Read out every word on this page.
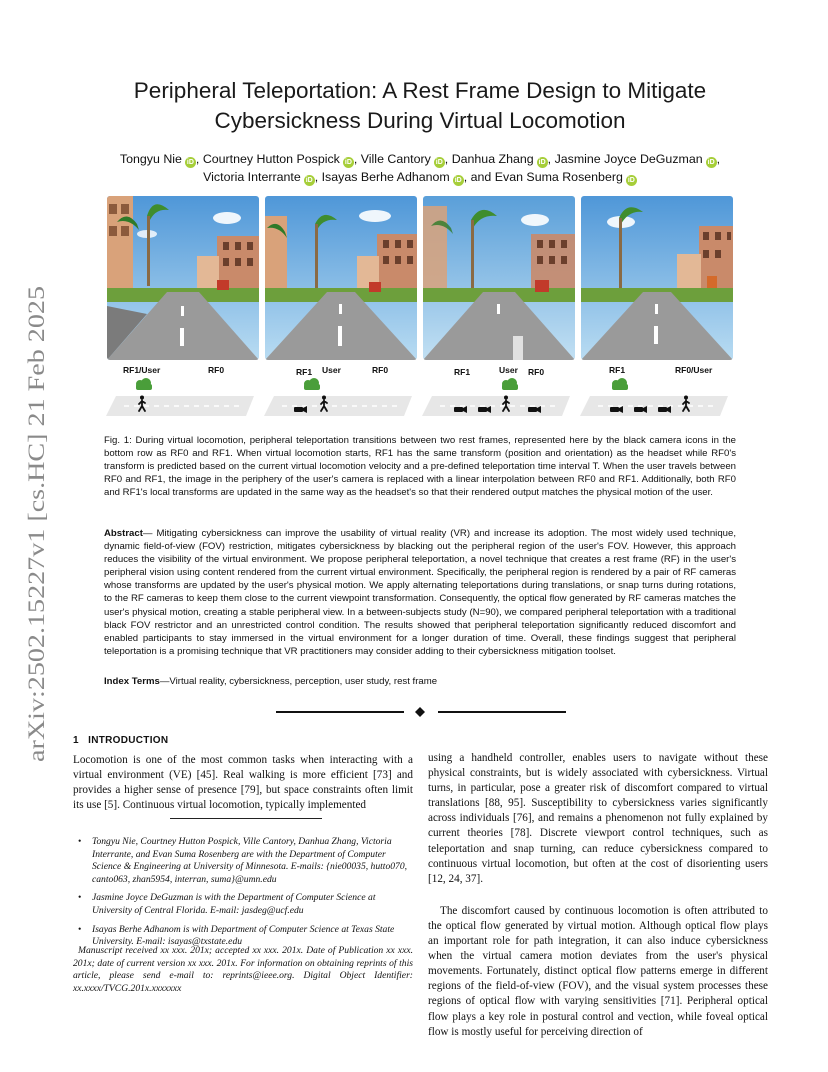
arXiv:2502.15227v1 [cs.HC] 21 Feb 2025
Peripheral Teleportation: A Rest Frame Design to Mitigate
Cybersickness During Virtual Locomotion
Tongyu Nie iD , Courtney Hutton Pospick iD , Ville Cantory iD , Danhua Zhang iD , Jasmine Joyce DeGuzman iD ,
Victoria Interrante iD , Isayas Berhe Adhanom iD , and Evan Suma Rosenberg iD
RF1/User	RF0	RF1 User	RF0	RF1	User RF0	RF1	RF0/User
Fig. 1: During virtual locomotion, peripheral teleportation transitions between two rest frames, represented here by the black camera icons in the bottom row as RF0 and RF1. When virtual locomotion starts, RF1 has the same transform (position and orientation) as the headset while RF0's transform is predicted based on the current virtual locomotion velocity and a pre-defined teleportation time interval T. When the user travels between RF0 and RF1, the image in the periphery of the user's camera is replaced with a linear interpolation between RF0 and RF1. Additionally, both RF0 and RF1's local transforms are updated in the same way as the headset's so that their rendered output matches the physical motion of the user.
Abstract— Mitigating cybersickness can improve the usability of virtual reality (VR) and increase its adoption. The most widely used technique, dynamic field-of-view (FOV) restriction, mitigates cybersickness by blacking out the peripheral region of the user's FOV. However, this approach reduces the visibility of the virtual environment. We propose peripheral teleportation, a novel technique that creates a rest frame (RF) in the user's peripheral vision using content rendered from the current virtual environment. Specifically, the peripheral region is rendered by a pair of RF cameras whose transforms are updated by the user's physical motion. We apply alternating teleportations during translations, or snap turns during rotations, to the RF cameras to keep them close to the current viewpoint transformation. Consequently, the optical flow generated by RF cameras matches the user's physical motion, creating a stable peripheral view. In a between-subjects study (N=90), we compared peripheral teleportation with a traditional black FOV restrictor and an unrestricted control condition. The results showed that peripheral teleportation significantly reduced discomfort and enabled participants to stay immersed in the virtual environment for a longer duration of time. Overall, these findings suggest that peripheral teleportation is a promising technique that VR practitioners may consider adding to their cybersickness mitigation toolset.
Index Terms—Virtual reality, cybersickness, perception, user study, rest frame
1 INTRODUCTION

Locomotion is one of the most common tasks when interacting with a virtual environment (VE) [45]. Real walking is more efficient [73] and provides a higher sense of presence [79], but space constraints often limit its use [5]. Continuous virtual locomotion, typically implemented

• Tongyu Nie, Courtney Hutton Pospick, Ville Cantory, Danhua Zhang, Victoria Interrante, and Evan Suma Rosenberg are with the Department of Computer Science & Engineering at University of Minnesota. E-mails: {nie00035, hutto070, canto063, zhan5954, interran, suma}@umn.edu
• Jasmine Joyce DeGuzman is with the Department of Computer Science at University of Central Florida. E-mail: jasdeg@ucf.edu
• Isayas Berhe Adhanom is with Department of Computer Science at Texas State University. E-mail: isayas@txstate.edu
Manuscript received xx xxx. 201x; accepted xx xxx. 201x. Date of Publication xx xxx. 201x; date of current version xx xxx. 201x. For information on obtaining reprints of this article, please send e-mail to: reprints@ieee.org. Digital Object Identifier: xx.xxxx/TVCG.201x.xxxxxxx

using a handheld controller, enables users to navigate without these physical constraints, but is widely associated with cybersickness. Virtual turns, in particular, pose a greater risk of discomfort compared to virtual translations [88, 95]. Susceptibility to cybersickness varies significantly across individuals [76], and remains a phenomenon not fully explained by current theories [78]. Discrete viewport control techniques, such as teleportation and snap turning, can reduce cybersickness compared to continuous virtual locomotion, but often at the cost of disorienting users [12, 24, 37].

The discomfort caused by continuous locomotion is often attributed to the optical flow generated by virtual motion. Although optical flow plays an important role for path integration, it can also induce cybersickness when the virtual camera motion deviates from the user's physical movements. Fortunately, distinct optical flow patterns emerge in different regions of the field-of-view (FOV), and the visual system processes these regions of optical flow with varying sensitivities [71]. Peripheral optical flow plays a key role in postural control and vection, while foveal optical flow is mostly useful for perceiving direction of
